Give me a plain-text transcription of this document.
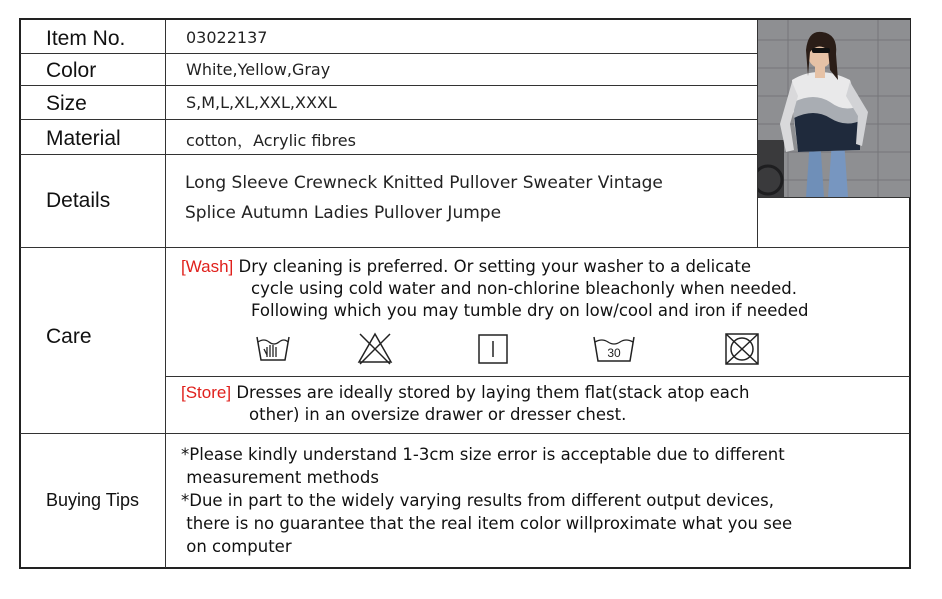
Item No.
Color
Size
Material
Details
Care
Buying Tips
03022137
White,Yellow,Gray
S,M,L,XL,XXL,XXXL
cotton，Acrylic fibres
Long Sleeve Crewneck Knitted Pullover Sweater Vintage
Splice Autumn Ladies Pullover Jumpe
[Wash] Dry cleaning is preferred. Or setting your washer to a delicate
cycle using cold water and non-chlorine bleachonly when needed.
Following which you may tumble dry on low/cool and iron if needed
30
[Store] Dresses are ideally stored by laying them flat(stack atop each
other) in an oversize drawer or dresser chest.
*Please kindly understand 1-3cm size error is acceptable due to different
measurement methods
*Due in part to the widely varying results from different output devices,
there is no guarantee that the real item color willproximate what you see
on computer
